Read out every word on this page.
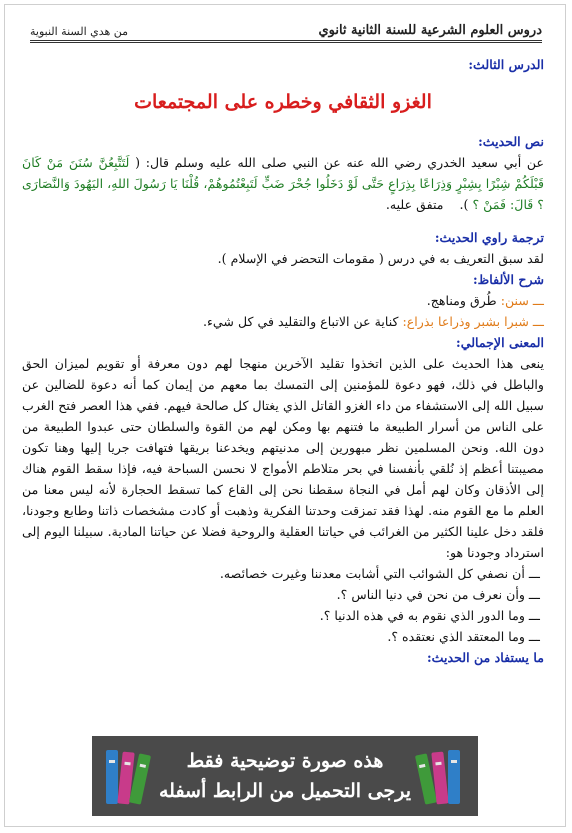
دروس العلوم الشرعية للسنة الثانية ثانوي
من هدي السنة النبوية
الدرس الثالث:
الغزو الثقافي وخطره على المجتمعات
نص الحديث:
عن أبي سعيد الخدري رضي الله عنه عن النبي صلى الله عليه وسلم قال: ( لَتَتَّبِعُنَّ سُنَنَ مَنْ كَانَ قَبْلَكُمْ شِبْرًا بِشِبْرٍ وَذِرَاعًا بِذِرَاعٍ حَتَّى لَوْ دَخَلُوا جُحْرَ ضَبٍّ لَتَبِعْتُمُوهُمْ، قُلْنَا يَا رَسُولَ اللهِ، اليَهُودَ وَالنَّصَارَى ؟ قَالَ: فَمَنْ ؟ ).    متفق عليه.
ترجمة راوي الحديث:
لقد سبق التعريف به في درس ( مقومات التحضر في الإسلام ).
شرح الألفاظ:
ـــ سنن: طُرق ومناهج.
ـــ شبرا بشبر وذراعا بذراع: كناية عن الاتباع والتقليد في كل شيء.
المعنى الإجمالي:
ينعى هذا الحديث على الذين اتخذوا تقليد الآخرين منهجا لهم دون معرفة أو تقويم لميزان الحق والباطل في ذلك، فهو دعوة للمؤمنين إلى التمسك بما معهم من إيمان كما أنه دعوة للضالين عن سبيل الله إلى الاستشفاء من داء الغزو القاتل الذي يغتال كل صالحة فيهم. ففي هذا العصر فتح الغرب على الناس من أسرار الطبيعة ما فتنهم بها ومكن لهم من القوة والسلطان حتى عبدوا الطبيعة من دون الله. ونحن المسلمين نظر مبهورين إلى مدنيتهم ويخدعنا بريقها فتهافت جريا إليها وهنا تكون مصيبتنا أعظم إذ نُلقي بأنفسنا في بحر متلاطم الأمواج لا نحسن السباحة فيه، فإذا سقط القوم هناك إلى الأذقان وكان لهم أمل في النجاة سقطنا نحن إلى القاع كما تسقط الحجارة لأنه ليس معنا من العلم ما مع القوم منه. لهذا فقد تمزقت وحدتنا الفكرية وذهبت أو كادت مشخصات ذاتنا وطابع وجودنا، فلقد دخل علينا الكثير من الغرائب في حياتنا العقلية والروحية فضلا عن حياتنا المادية. سبيلنا اليوم إلى استرداد وجودنا هو:
ـــ أن نصفي كل الشوائب التي أشابت معدننا وغيرت خصائصه.
ـــ وأن نعرف من نحن في دنيا الناس ؟.
ـــ وما الدور الذي نقوم به في هذه الدنيا ؟.
ـــ وما المعتقد الذي نعتقده ؟.
ما يستفاد من الحديث:
هذه صورة توضيحية فقط
يرجى التحميل من الرابط أسفله
